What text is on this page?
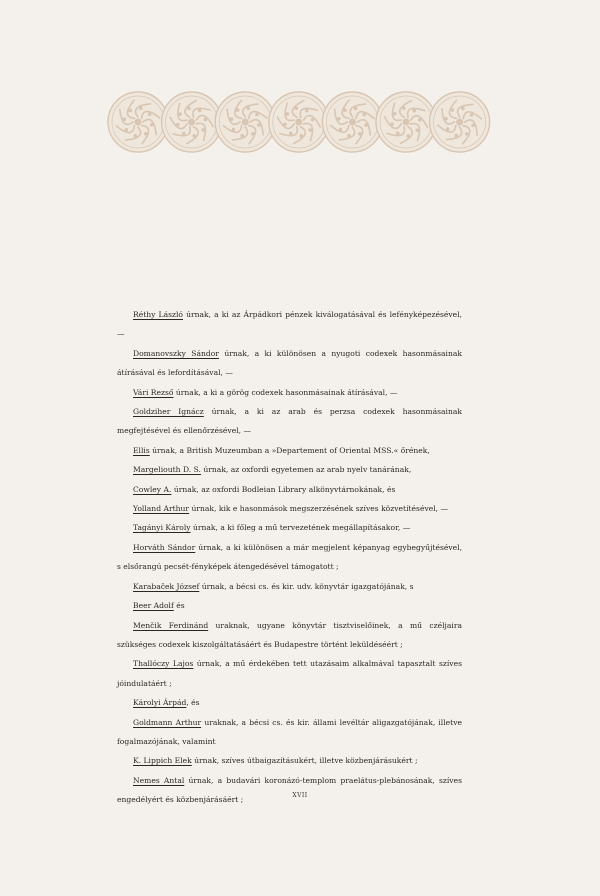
Réthy László úrnak, a ki az Árpádkori pénzek kiválogatásával és lefényképezésével, —

Domanovszky Sándor úrnak, a ki különösen a nyugoti codexek hasonmásainak átírásával és lefordításával, —

Vári Rezső úrnak, a ki a görög codexek hasonmásainak átírásával, —

Goldziher Ignácz úrnak, a ki az arab és perzsa codexek hasonmásainak megfejtésével és ellenőrzésével, —

Ellis úrnak, a British Muzeumban a »Departement of Oriental MSS.« őrének,

Margeliouth D. S. úrnak, az oxfordi egyetemen az arab nyelv tanárának,

Cowley A. úrnak, az oxfordi Bodleian Library alkönyvtárnokának, és

Yolland Arthur úrnak, kik e hasonmások megszerzésének szíves közvetítésével, —

Tagányi Károly úrnak, a ki főleg a mű tervezetének megállapításakor, —

Horváth Sándor úrnak, a ki különösen a már megjelent képanyag egybegyűjtésével, s elsőrangú pecsét-fényképek átengedésével támogatott ;

Karabaček József úrnak, a bécsi cs. és kir. udv. könyvtár igazgatójának, s

Beer Adolf és

Menčik Ferdinánd uraknak, ugyane könyvtár tisztviselőinek, a mű czéljaira szükséges codexek kiszolgáltatásáért és Budapestre történt leküldéséért ;

Thallóczy Lajos úrnak, a mű érdekében tett utazásaim alkalmával tapasztalt szíves jóindulatáért ;

Károlyi Árpád, és

Goldmann Arthur uraknak, a bécsi cs. és kir. állami levéltár aligazgatójának, illetve fogalmazójának, valamint

K. Lippich Elek úrnak, szíves útbaigazításukért, illetve közbenjárásukért ;

Nemes Antal úrnak, a budavári koronázó-templom praelátus-plebánosának, szíves engedélyért és közbenjárásáért ;	XVII
